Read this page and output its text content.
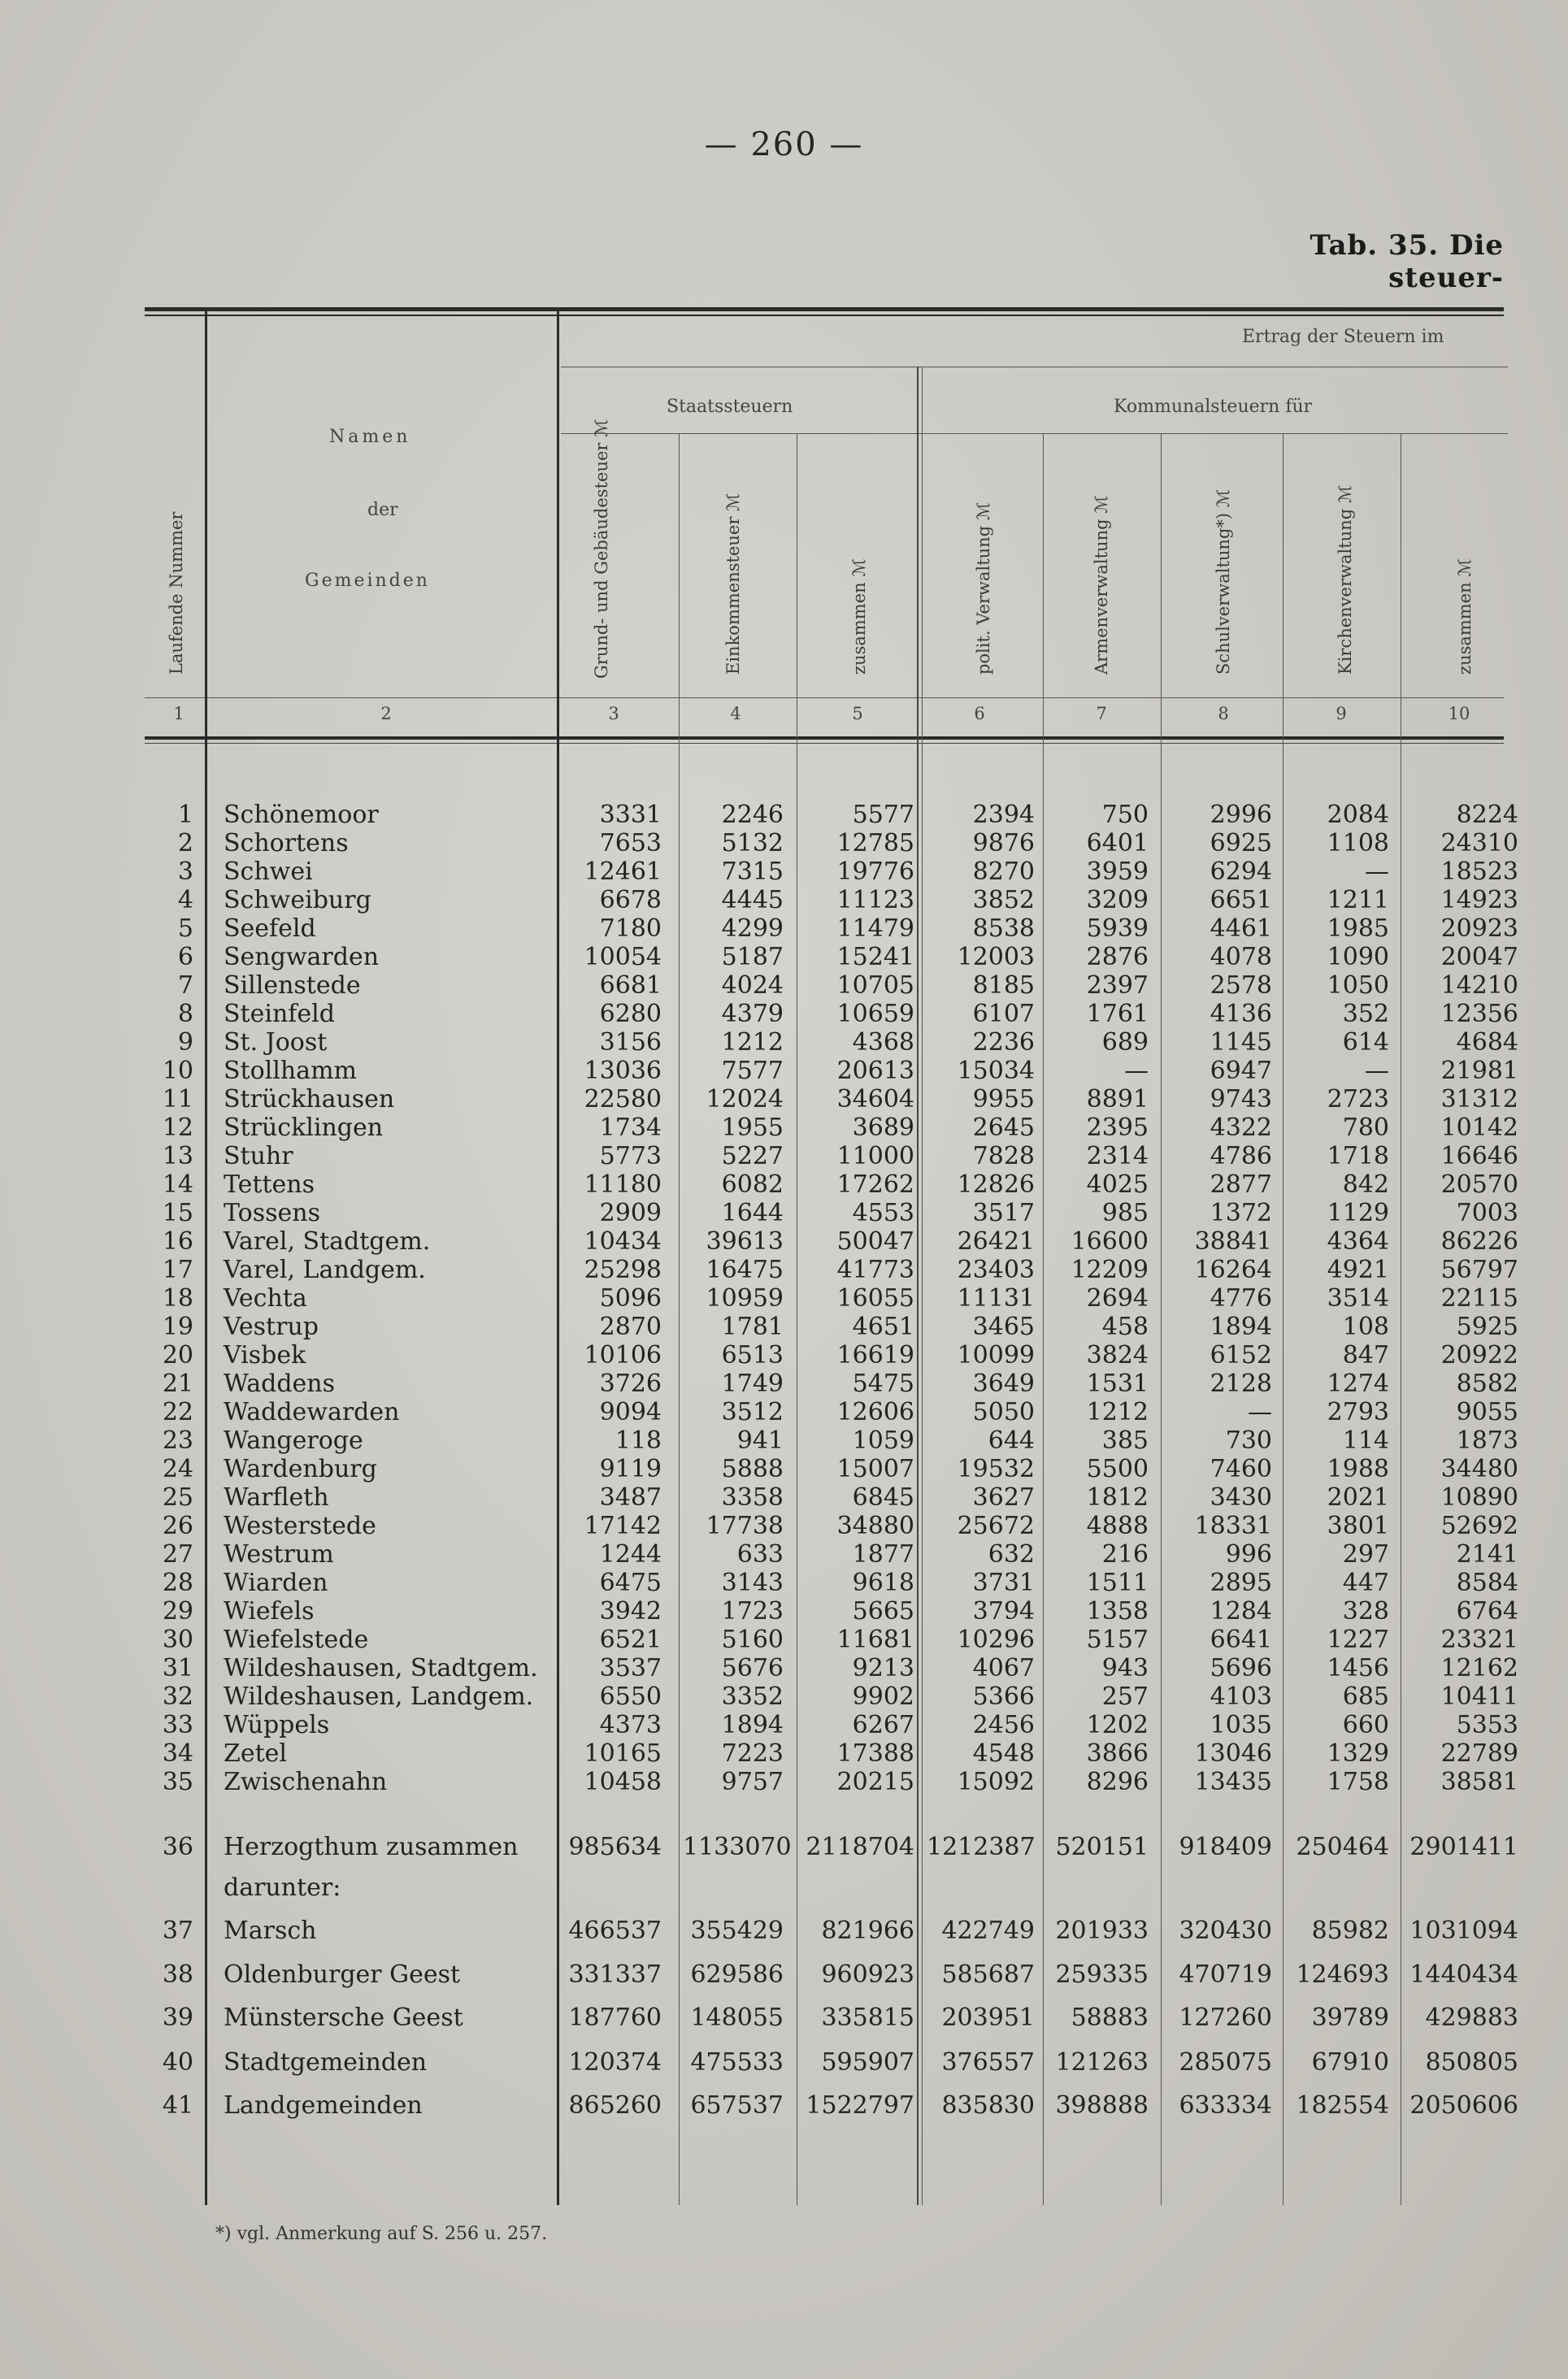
— 260 —
Tab. 35. Die steuer-
Ertrag der Steuern im
Staatssteuern	Kommunalsteuern für
Namen
der
Gemeinden
Laufende Nummer	Grund- und Gebäudesteuer ℳ	Einkommensteuer ℳ	zusammen ℳ	polit. Verwaltung ℳ	Armenverwaltung ℳ	Schulverwaltung*) ℳ	Kirchenverwaltung ℳ	zusammen ℳ
1	2	3	4	5	6	7	8	9	10
1 Schönemoor	3331	2246	5577	2394	750	2996	2084	8224
2 Schortens	7653	5132	12785	9876	6401	6925	1108	24310
3 Schwei	12461	7315	19776	8270	3959	6294	—	18523
4 Schweiburg	6678	4445	11123	3852	3209	6651	1211	14923
5 Seefeld	7180	4299	11479	8538	5939	4461	1985	20923
6 Sengwarden	10054	5187	15241	12003	2876	4078	1090	20047
7 Sillenstede	6681	4024	10705	8185	2397	2578	1050	14210
8 Steinfeld	6280	4379	10659	6107	1761	4136	352	12356
9 St. Joost	3156	1212	4368	2236	689	1145	614	4684
10 Stollhamm	13036	7577	20613	15034	—	6947	—	21981
11 Strückhausen	22580	12024	34604	9955	8891	9743	2723	31312
12 Strücklingen	1734	1955	3689	2645	2395	4322	780	10142
13 Stuhr	5773	5227	11000	7828	2314	4786	1718	16646
14 Tettens	11180	6082	17262	12826	4025	2877	842	20570
15 Tossens	2909	1644	4553	3517	985	1372	1129	7003
16 Varel, Stadtgem.	10434	39613	50047	26421	16600	38841	4364	86226
17 Varel, Landgem.	25298	16475	41773	23403	12209	16264	4921	56797
18 Vechta	5096	10959	16055	11131	2694	4776	3514	22115
19 Vestrup	2870	1781	4651	3465	458	1894	108	5925
20 Visbek	10106	6513	16619	10099	3824	6152	847	20922
21 Waddens	3726	1749	5475	3649	1531	2128	1274	8582
22 Waddewarden	9094	3512	12606	5050	1212	—	2793	9055
23 Wangeroge	118	941	1059	644	385	730	114	1873
24 Wardenburg	9119	5888	15007	19532	5500	7460	1988	34480
25 Warfleth	3487	3358	6845	3627	1812	3430	2021	10890
26 Westerstede	17142	17738	34880	25672	4888	18331	3801	52692
27 Westrum	1244	633	1877	632	216	996	297	2141
28 Wiarden	6475	3143	9618	3731	1511	2895	447	8584
29 Wiefels	3942	1723	5665	3794	1358	1284	328	6764
30 Wiefelstede	6521	5160	11681	10296	5157	6641	1227	23321
31 Wildeshausen, Stadtgem.	3537	5676	9213	4067	943	5696	1456	12162
32 Wildeshausen, Landgem.	6550	3352	9902	5366	257	4103	685	10411
33 Wüppels	4373	1894	6267	2456	1202	1035	660	5353
34 Zetel	10165	7223	17388	4548	3866	13046	1329	22789
35 Zwischenahn	10458	9757	20215	15092	8296	13435	1758	38581
36 Herzogthum zusammen	985634 1133070 2118704 1212387 520151	918409 250464 2901411
darunter:
37 Marsch	466537	355429	821966	422749 201933	320430	85982 1031094
38 Oldenburger Geest	331337	629586	960923	585687 259335	470719 124693 1440434
39 Münstersche Geest	187760	148055	335815	203951	58883	127260	39789	429883
40 Stadtgemeinden	120374	475533	595907	376557 121263	285075	67910	850805
41 Landgemeinden	865260	657537 1522797	835830 398888	633334 182554 2050606
*) vgl. Anmerkung auf S. 256 u. 257.
